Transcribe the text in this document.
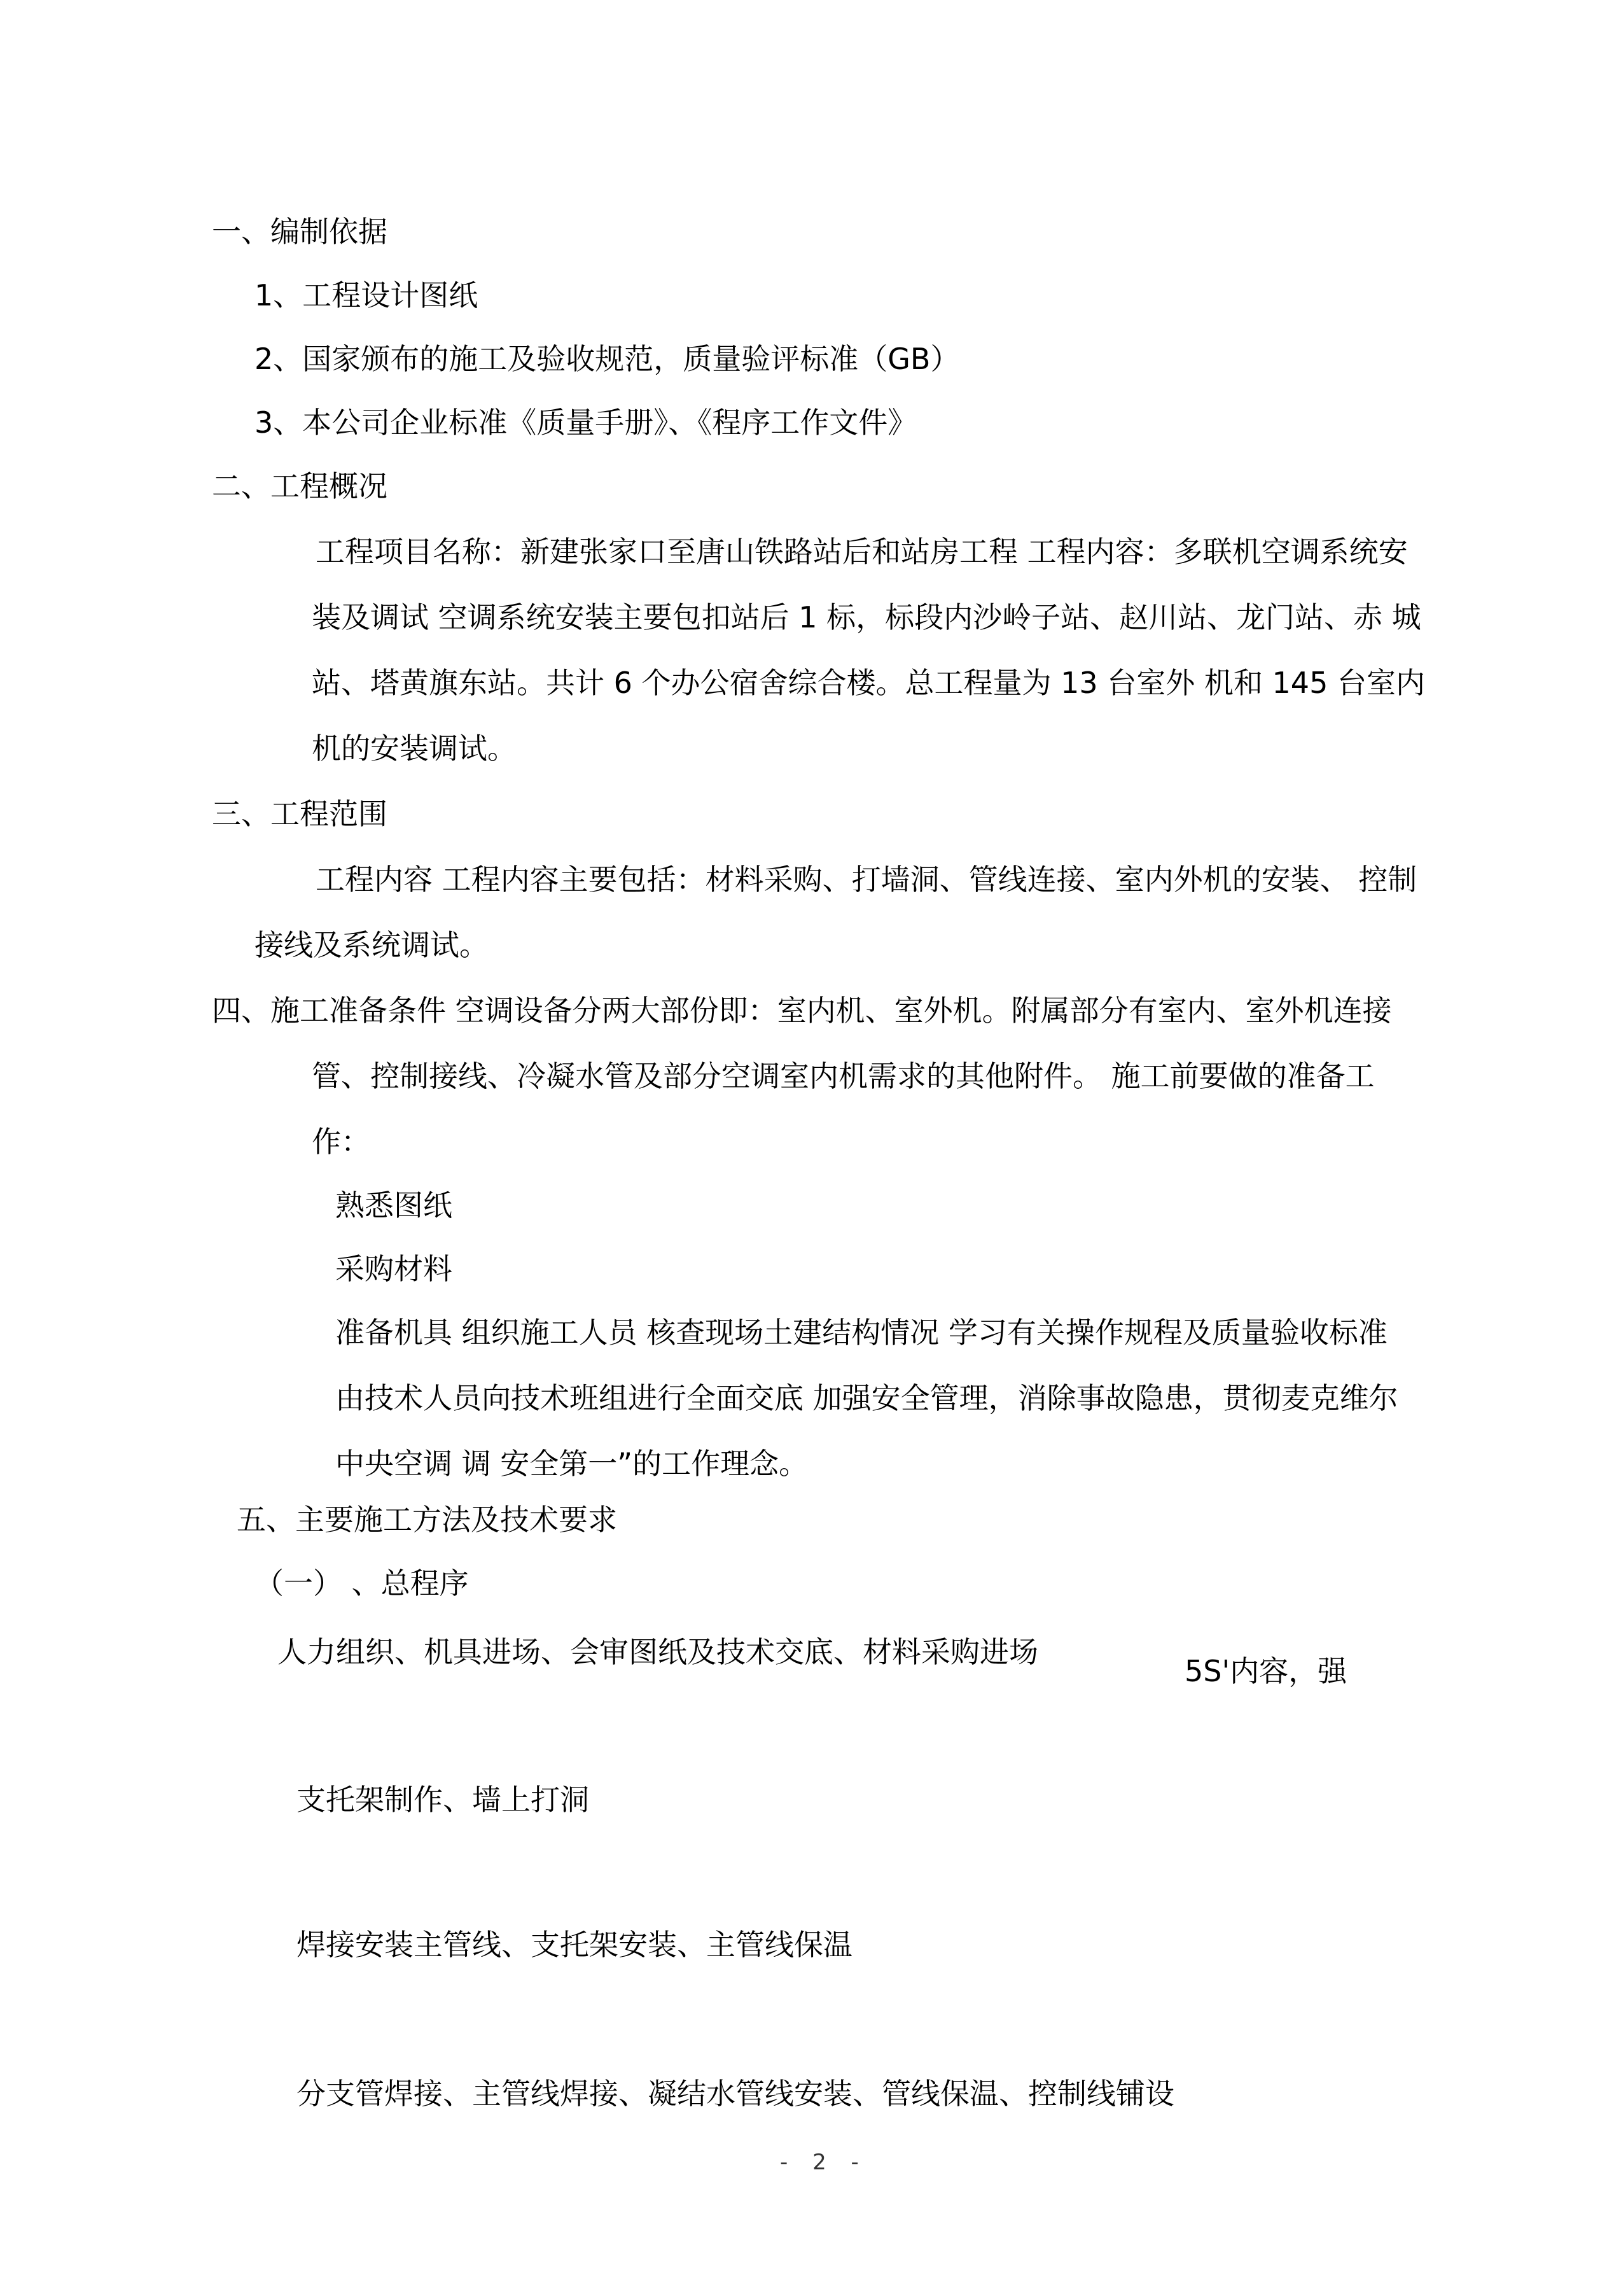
一、编制依据

1、工程设计图纸

2、国家颁布的施工及验收规范，质量验评标准（GB）

3、本公司企业标准《质量手册》、《程序工作文件》

二、工程概况

工程项目名称：新建张家口至唐山铁路站后和站房工程 工程内容：多联机空调系统安

装及调试 空调系统安装主要包扣站后 1 标，标段内沙岭子站、赵川站、龙门站、赤 城

站、塔黄旗东站。共计 6 个办公宿舍综合楼。总工程量为 13 台室外 机和 145 台室内

机的安装调试。

三、工程范围

工程内容 工程内容主要包括：材料采购、打墙洞、管线连接、室内外机的安装、 控制

接线及系统调试。

四、施工准备条件 空调设备分两大部份即：室内机、室外机。附属部分有室内、室外机连接

管、控制接线、冷凝水管及部分空调室内机需求的其他附件。 施工前要做的准备工

作：

熟悉图纸

采购材料

准备机具 组织施工人员 核查现场土建结构情况 学习有关操作规程及质量验收标准

由技术人员向技术班组进行全面交底 加强安全管理，消除事故隐患，贯彻麦克维尔

中央空调 调 安全第一”的工作理念。

五、主要施工方法及技术要求

（一） 、总程序

人力组织、机具进场、会审图纸及技术交底、材料采购进场

5S'内容，强

支托架制作、墙上打洞

焊接安装主管线、支托架安装、主管线保温

分支管焊接、主管线焊接、凝结水管线安装、管线保温、控制线铺设

- 2 -
